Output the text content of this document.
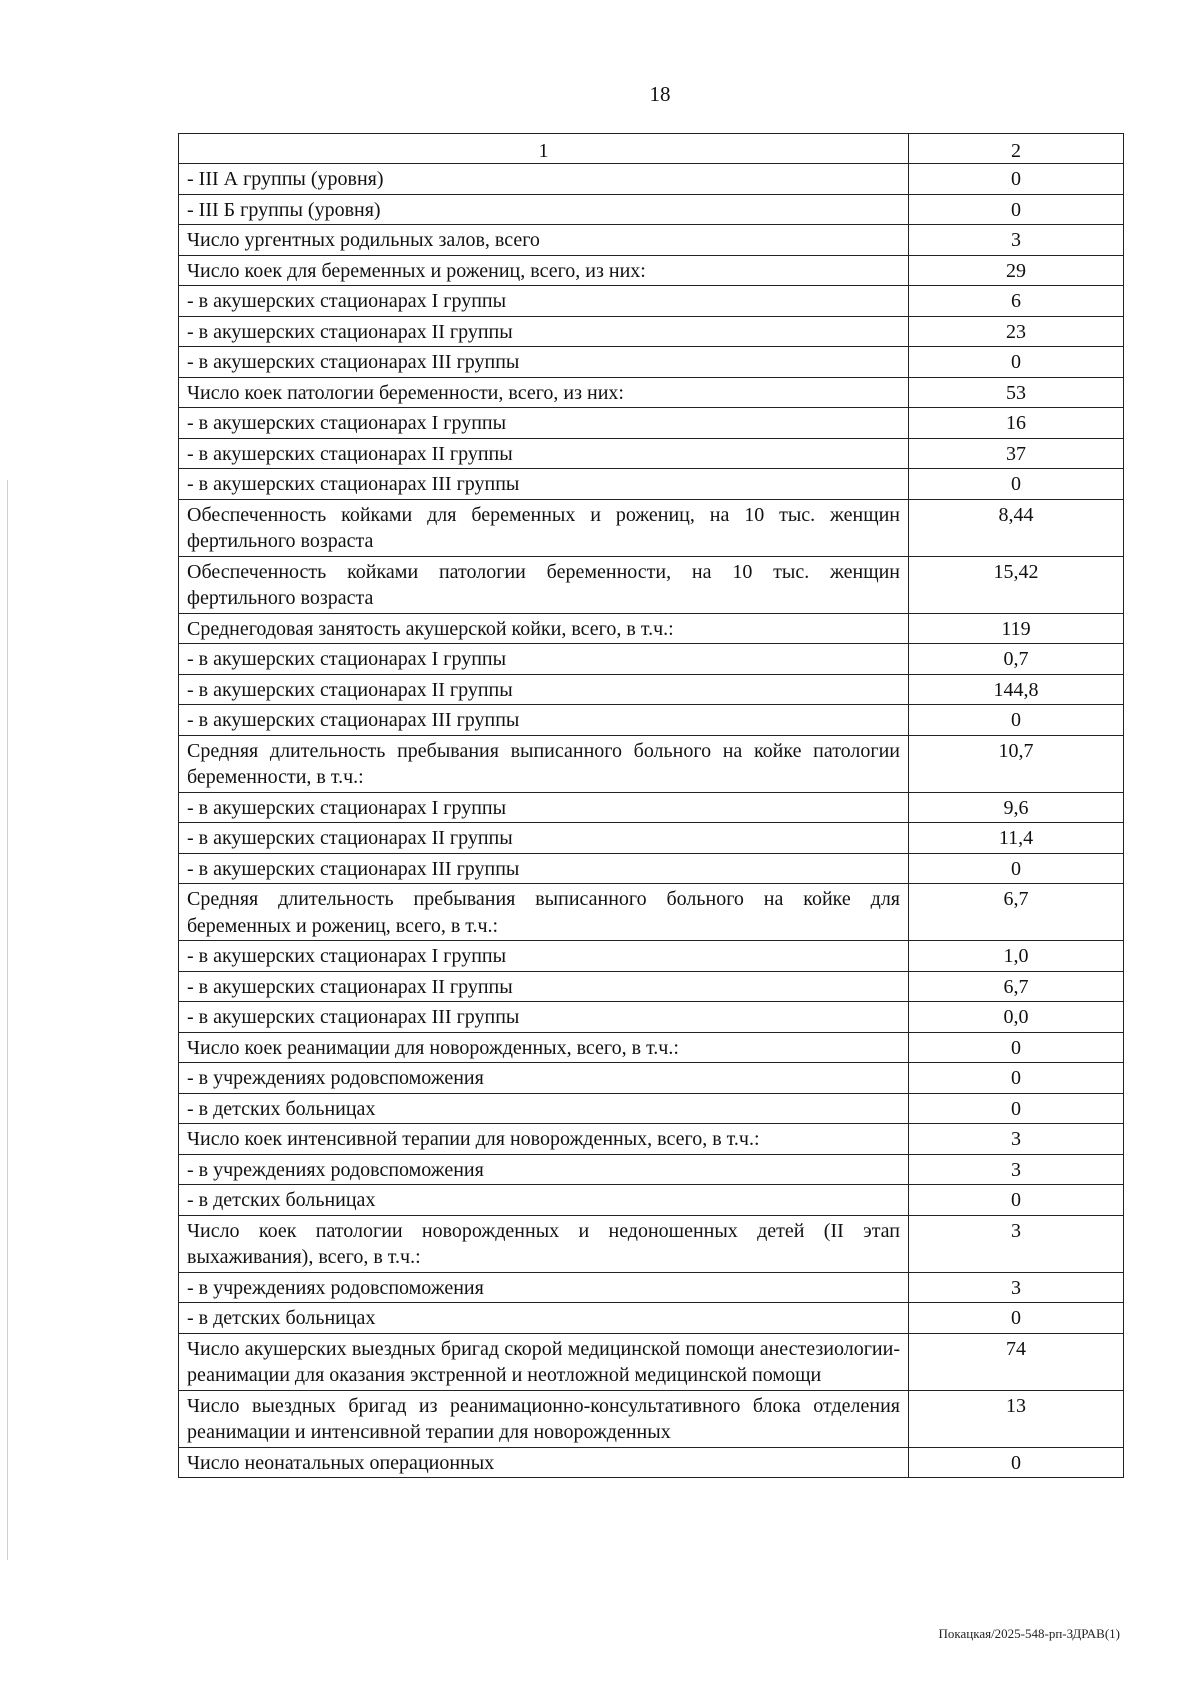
18
1	2
- III А группы (уровня)	0
- III Б группы (уровня)	0
Число ургентных родильных залов, всего	3
Число коек для беременных и рожениц, всего, из них:	29
- в акушерских стационарах I группы	6
- в акушерских стационарах II группы	23
- в акушерских стационарах III группы	0
Число коек патологии беременности, всего, из них:	53
- в акушерских стационарах I группы	16
- в акушерских стационарах II группы	37
- в акушерских стационарах III группы	0
Обеспеченность койками для беременных и рожениц, на 10 тыс. женщин фертильного возраста	8,44
Обеспеченность койками патологии беременности, на 10 тыс. женщин фертильного возраста	15,42
Среднегодовая занятость акушерской койки, всего, в т.ч.:	119
- в акушерских стационарах I группы	0,7
- в акушерских стационарах II группы	144,8
- в акушерских стационарах III группы	0
Средняя длительность пребывания выписанного больного на койке патологии беременности, в т.ч.:	10,7
- в акушерских стационарах I группы	9,6
- в акушерских стационарах II группы	11,4
- в акушерских стационарах III группы	0
Средняя длительность пребывания выписанного больного на койке для беременных и рожениц, всего, в т.ч.:	6,7
- в акушерских стационарах I группы	1,0
- в акушерских стационарах II группы	6,7
- в акушерских стационарах III группы	0,0
Число коек реанимации для новорожденных, всего, в т.ч.:	0
- в учреждениях родовспоможения	0
- в детских больницах	0
Число коек интенсивной терапии для новорожденных, всего, в т.ч.:	3
- в учреждениях родовспоможения	3
- в детских больницах	0
Число коек патологии новорожденных и недоношенных детей (II этап выхаживания), всего, в т.ч.:	3
- в учреждениях родовспоможения	3
- в детских больницах	0
Число акушерских выездных бригад скорой медицинской помощи анестезиологии-реанимации для оказания экстренной и неотложной медицинской помощи	74
Число выездных бригад из реанимационно-консультативного блока отделения реанимации и интенсивной терапии для новорожденных	13
Число неонатальных операционных	0
Покацкая/2025-548-рп-ЗДРАВ(1)
